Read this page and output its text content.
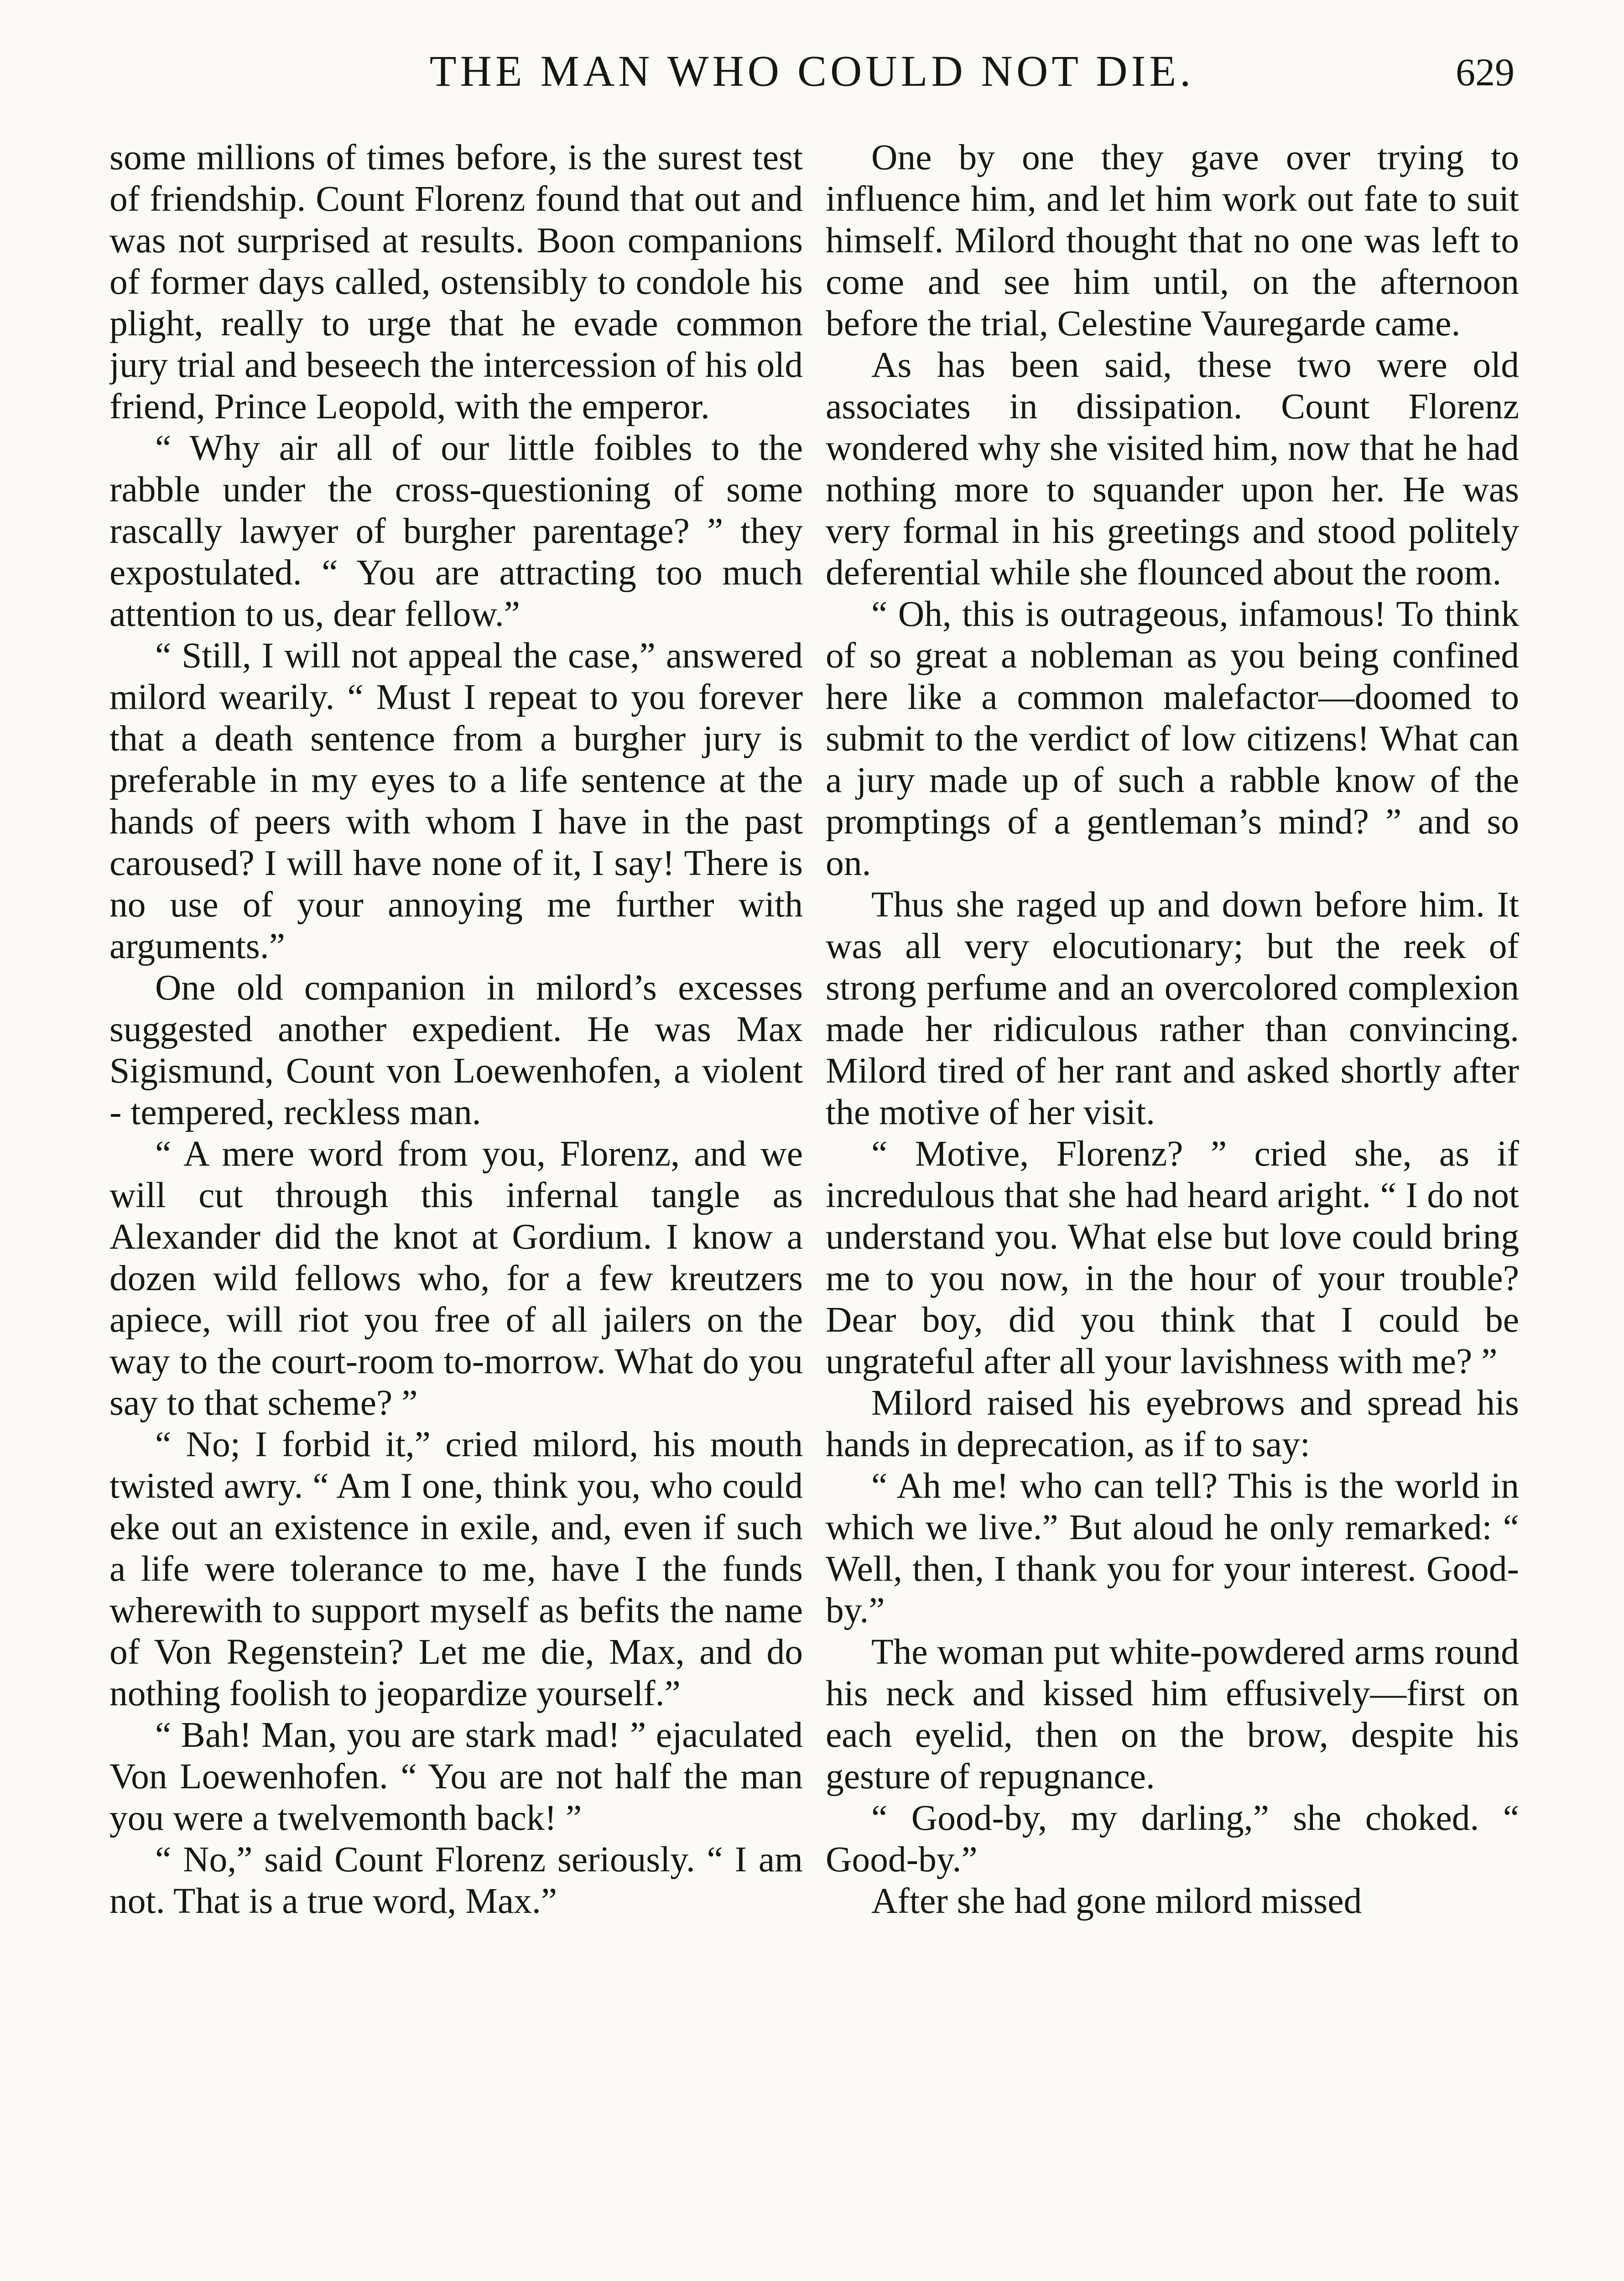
THE MAN WHO COULD NOT DIE.	629

some millions of times before, is the surest test of friendship. Count Florenz found that out and was not surprised at results. Boon companions of former days called, ostensibly to condole his plight, really to urge that he evade common jury trial and beseech the intercession of his old friend, Prince Leopold, with the emperor.

“ Why air all of our little foibles to the rabble under the cross-questioning of some rascally lawyer of burgher parentage? ” they expostulated. “ You are attracting too much attention to us, dear fellow.”

“ Still, I will not appeal the case,” answered milord wearily. “ Must I repeat to you forever that a death sentence from a burgher jury is preferable in my eyes to a life sentence at the hands of peers with whom I have in the past caroused? I will have none of it, I say! There is no use of your annoying me further with arguments.”

One old companion in milord’s excesses suggested another expedient. He was Max Sigismund, Count von Loewenhofen, a violent - tempered, reckless man.

“ A mere word from you, Florenz, and we will cut through this infernal tangle as Alexander did the knot at Gordium. I know a dozen wild fellows who, for a few kreutzers apiece, will riot you free of all jailers on the way to the court-room to-morrow. What do you say to that scheme? ”

“ No; I forbid it,” cried milord, his mouth twisted awry. “ Am I one, think you, who could eke out an existence in exile, and, even if such a life were tolerance to me, have I the funds wherewith to support myself as befits the name of Von Regenstein? Let me die, Max, and do nothing foolish to jeopardize yourself.”

“ Bah! Man, you are stark mad! ” ejaculated Von Loewenhofen. “ You are not half the man you were a twelvemonth back! ”

“ No,” said Count Florenz seriously. “ I am not. That is a true word, Max.”

One by one they gave over trying to influence him, and let him work out fate to suit himself. Milord thought that no one was left to come and see him until, on the afternoon before the trial, Celestine Vauregarde came.

As has been said, these two were old associates in dissipation. Count Florenz wondered why she visited him, now that he had nothing more to squander upon her. He was very formal in his greetings and stood politely deferential while she flounced about the room.

“ Oh, this is outrageous, infamous! To think of so great a nobleman as you being confined here like a common malefactor—doomed to submit to the verdict of low citizens! What can a jury made up of such a rabble know of the promptings of a gentleman’s mind? ” and so on.

Thus she raged up and down before him. It was all very elocutionary; but the reek of strong perfume and an overcolored complexion made her ridiculous rather than convincing. Milord tired of her rant and asked shortly after the motive of her visit.

“ Motive, Florenz? ” cried she, as if incredulous that she had heard aright. “ I do not understand you. What else but love could bring me to you now, in the hour of your trouble? Dear boy, did you think that I could be ungrateful after all your lavishness with me? ”

Milord raised his eyebrows and spread his hands in deprecation, as if to say:

“ Ah me! who can tell? This is the world in which we live.” But aloud he only remarked: “ Well, then, I thank you for your interest. Good-by.”

The woman put white-powdered arms round his neck and kissed him effusively—first on each eyelid, then on the brow, despite his gesture of repugnance.

“ Good-by, my darling,” she choked. “ Good-by.”

After she had gone milord missed
